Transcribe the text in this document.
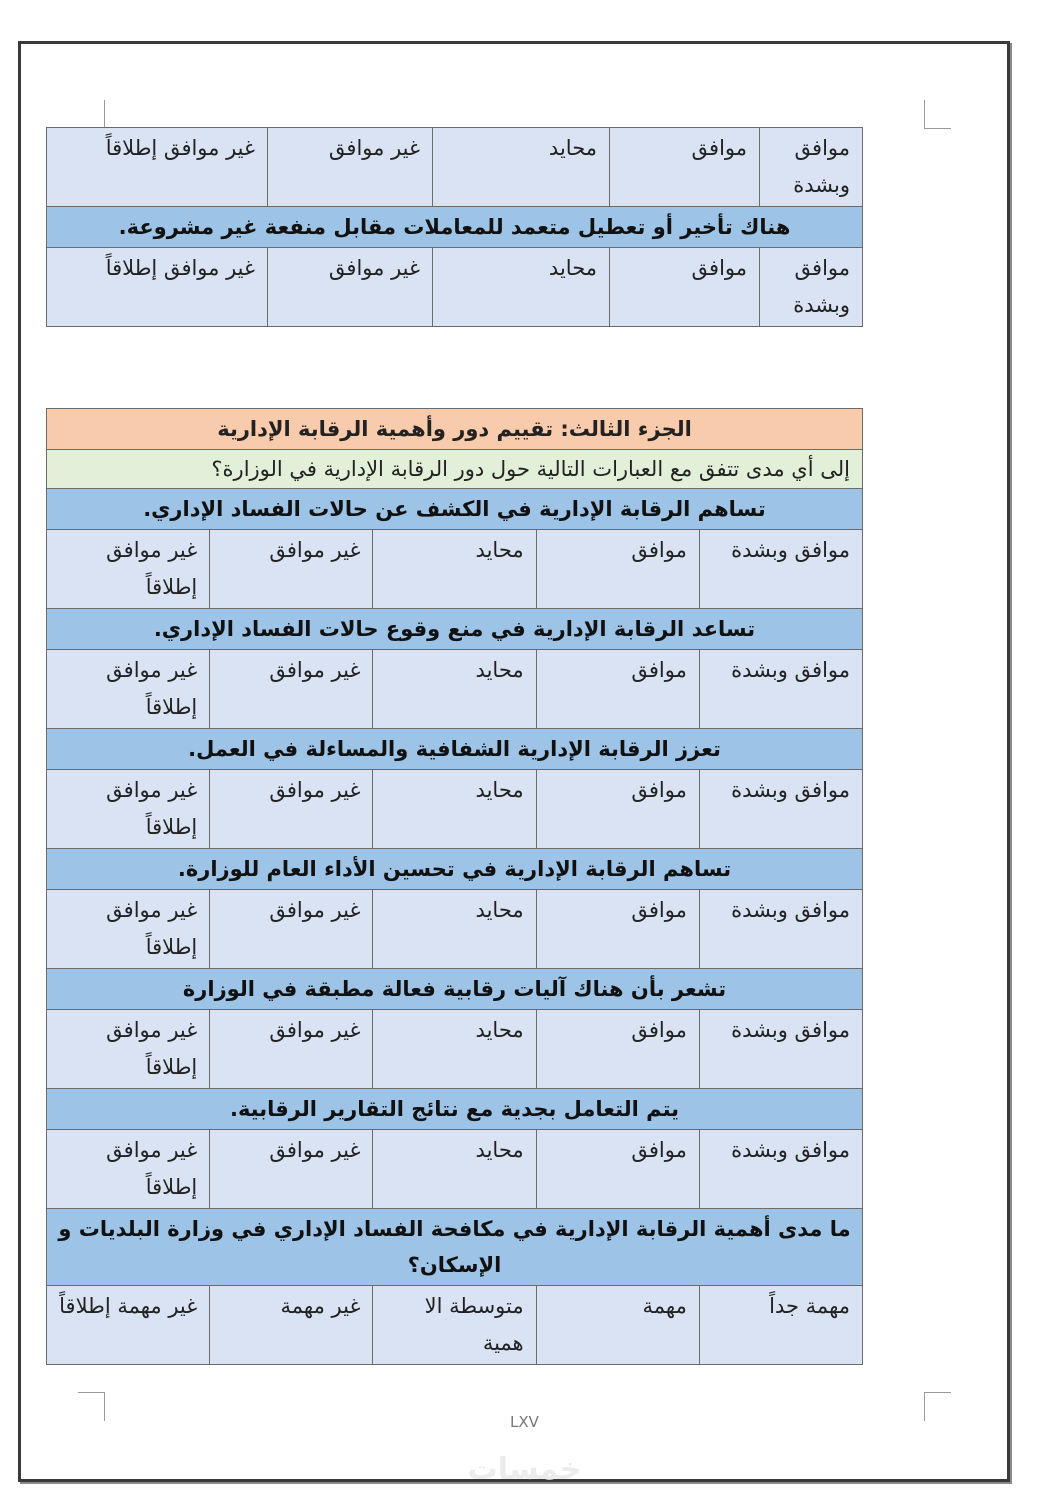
موافق وبشدة	موافق	محايد	غير موافق	غير موافق إطلاقاً
هناك تأخير أو تعطيل متعمد للمعاملات مقابل منفعة غير مشروعة.				
موافق وبشدة	موافق	محايد	غير موافق	غير موافق إطلاقاً
الجزء الثالث: تقييم دور وأهمية الرقابة الإدارية				
إلى أي مدى تتفق مع العبارات التالية حول دور الرقابة الإدارية في الوزارة؟				
تساهم الرقابة الإدارية في الكشف عن حالات الفساد الإداري.				
موافق وبشدة	موافق	محايد	غير موافق	غير موافق إطلاقاً
تساعد الرقابة الإدارية في منع وقوع حالات الفساد الإداري.				
موافق وبشدة	موافق	محايد	غير موافق	غير موافق إطلاقاً
تعزز الرقابة الإدارية الشفافية والمساءلة في العمل.				
موافق وبشدة	موافق	محايد	غير موافق	غير موافق إطلاقاً
تساهم الرقابة الإدارية في تحسين الأداء العام للوزارة.				
موافق وبشدة	موافق	محايد	غير موافق	غير موافق إطلاقاً
تشعر بأن هناك آليات رقابية فعالة مطبقة في الوزارة				
موافق وبشدة	موافق	محايد	غير موافق	غير موافق إطلاقاً
يتم التعامل بجدية مع نتائج التقارير الرقابية.				
موافق وبشدة	موافق	محايد	غير موافق	غير موافق إطلاقاً
ما مدى أهمية الرقابة الإدارية في مكافحة الفساد الإداري في وزارة البلديات و الإسكان؟				
مهمة جداً	مهمة	متوسطة الا همية	غير مهمة	غير مهمة إطلاقاً
LXV
خمسات
